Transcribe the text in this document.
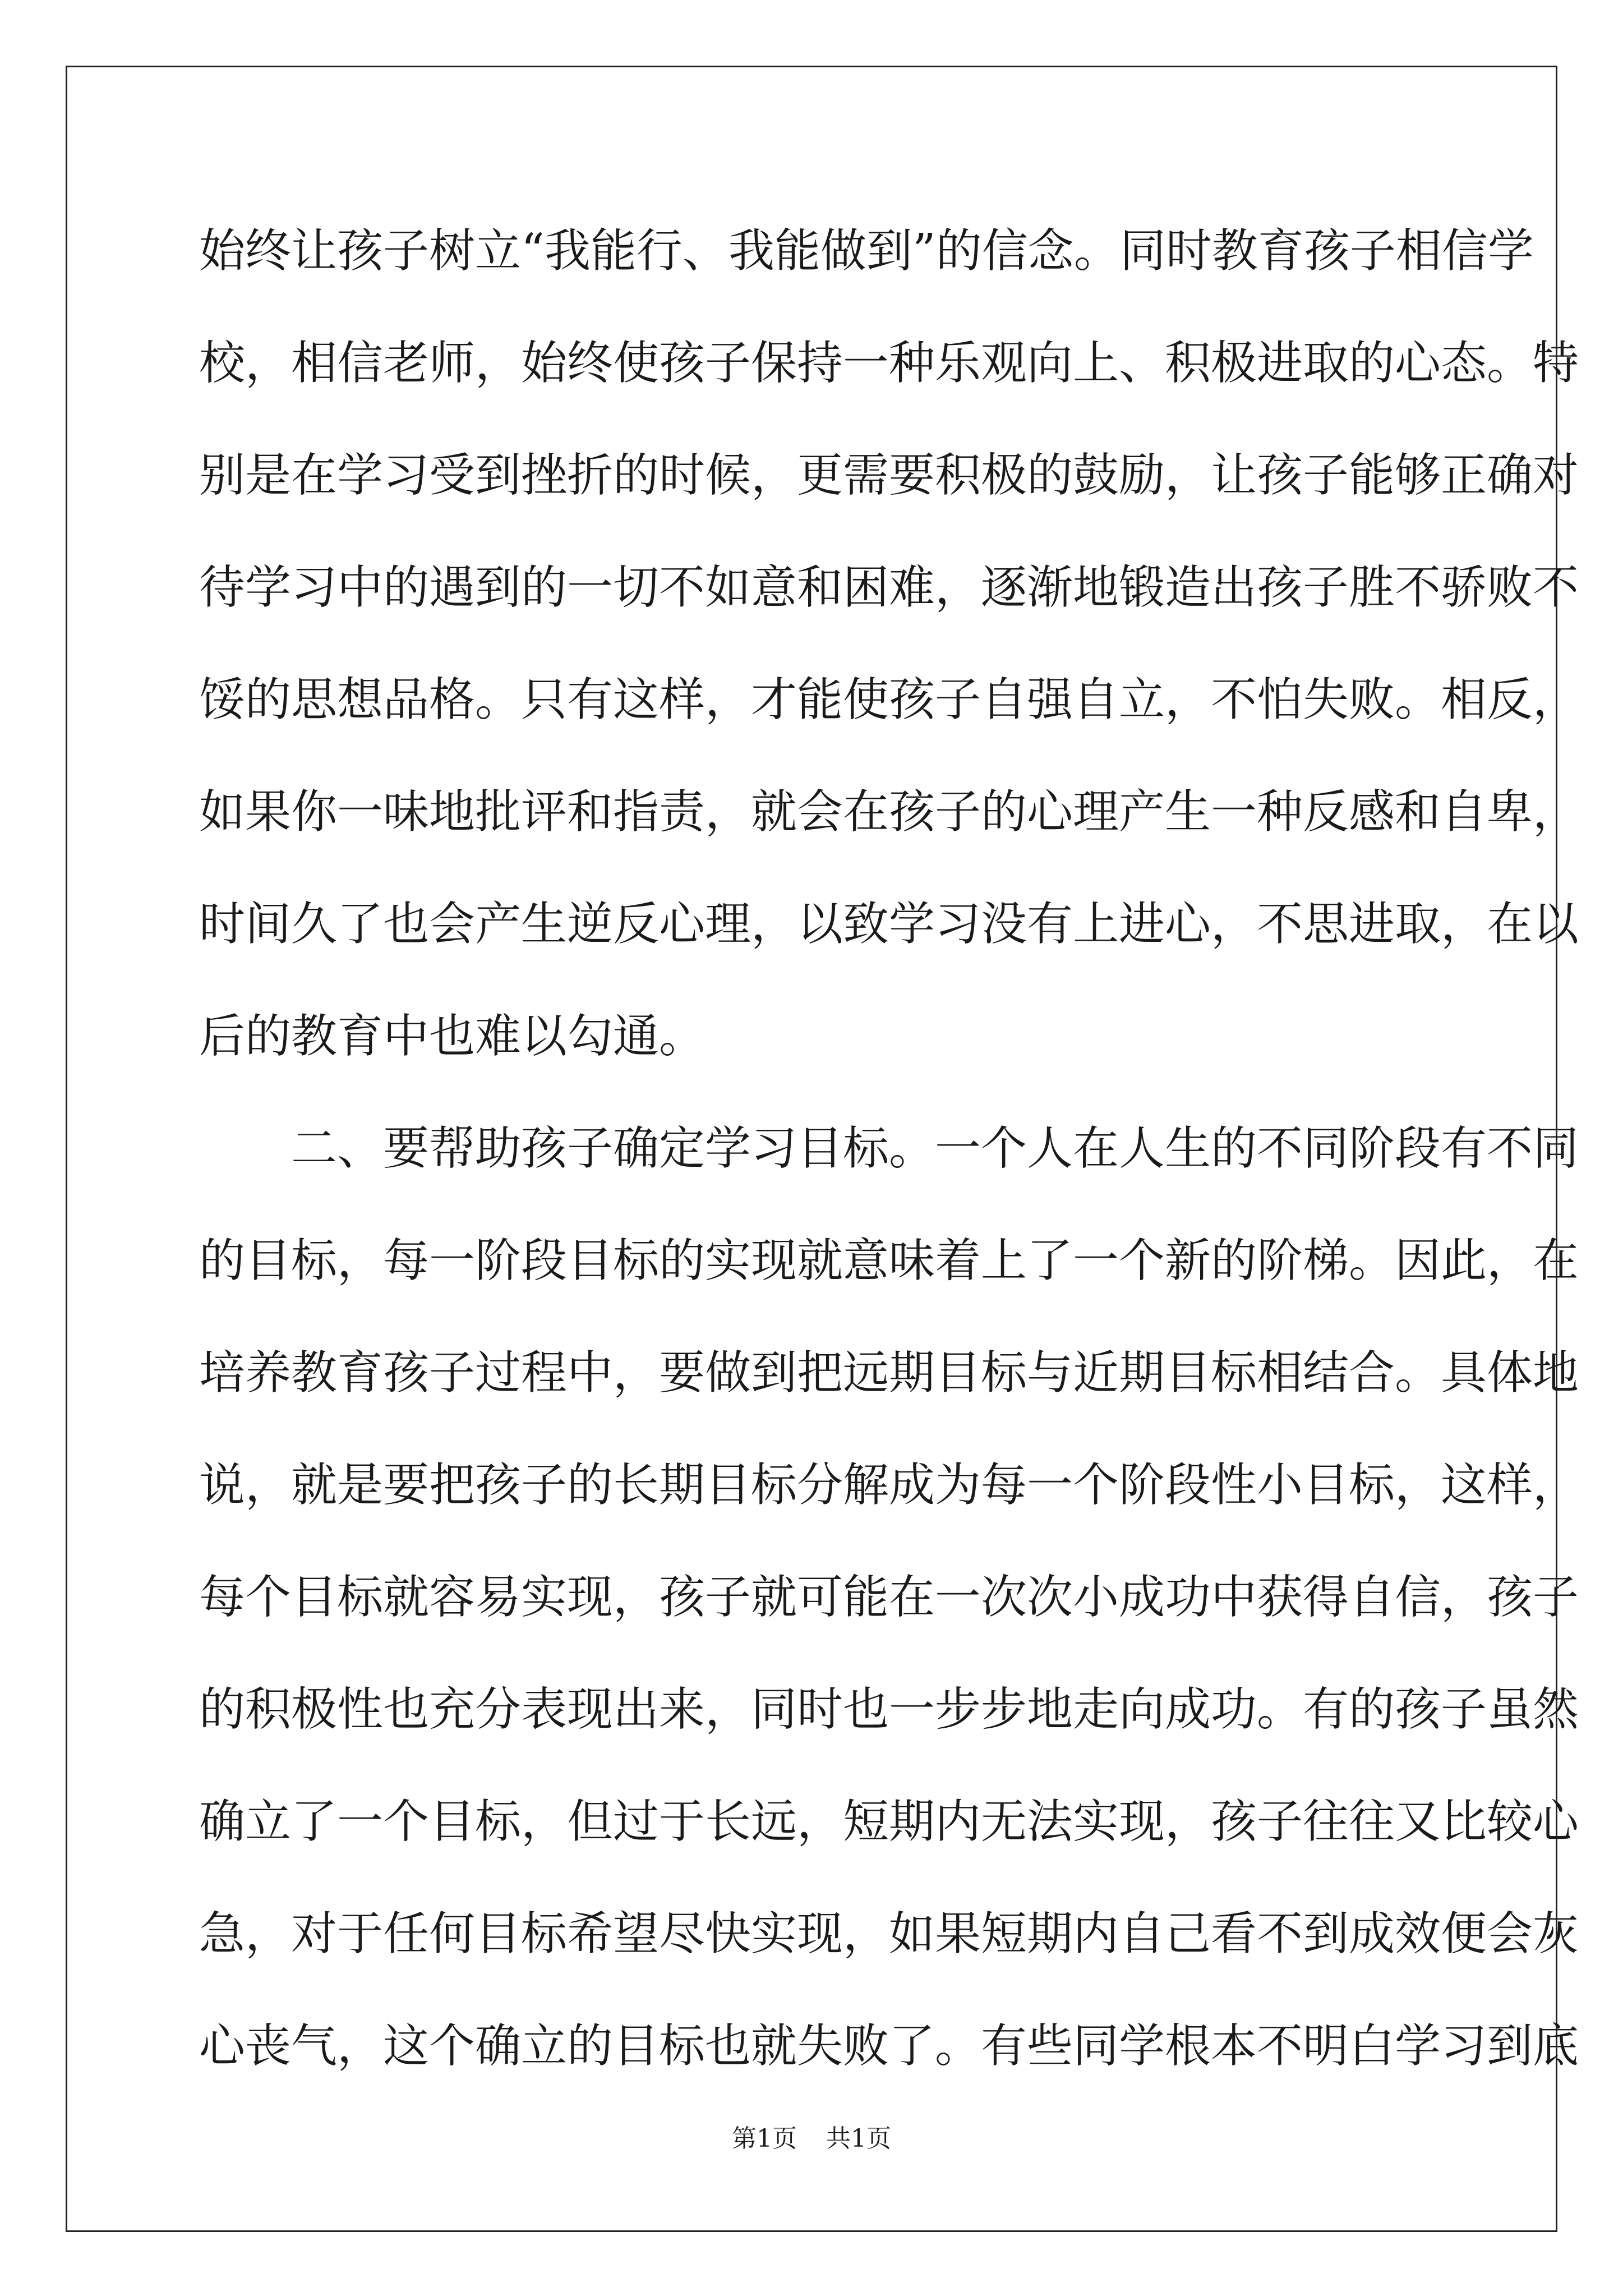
始终让孩子树立“我能行、我能做到”的信念。同时教育孩子相信学
校，相信老师，始终使孩子保持一种乐观向上、积极进取的心态。特
别是在学习受到挫折的时候，更需要积极的鼓励，让孩子能够正确对
待学习中的遇到的一切不如意和困难，逐渐地锻造出孩子胜不骄败不
馁的思想品格。只有这样，才能使孩子自强自立，不怕失败。相反，
如果你一味地批评和指责，就会在孩子的心理产生一种反感和自卑，
时间久了也会产生逆反心理，以致学习没有上进心，不思进取，在以
后的教育中也难以勾通。
二、要帮助孩子确定学习目标。一个人在人生的不同阶段有不同
的目标，每一阶段目标的实现就意味着上了一个新的阶梯。因此，在
培养教育孩子过程中，要做到把远期目标与近期目标相结合。具体地
说，就是要把孩子的长期目标分解成为每一个阶段性小目标，这样，
每个目标就容易实现，孩子就可能在一次次小成功中获得自信，孩子
的积极性也充分表现出来，同时也一步步地走向成功。有的孩子虽然
确立了一个目标，但过于长远，短期内无法实现，孩子往往又比较心
急，对于任何目标希望尽快实现，如果短期内自己看不到成效便会灰
心丧气，这个确立的目标也就失败了。有些同学根本不明白学习到底
第1页 共1页
